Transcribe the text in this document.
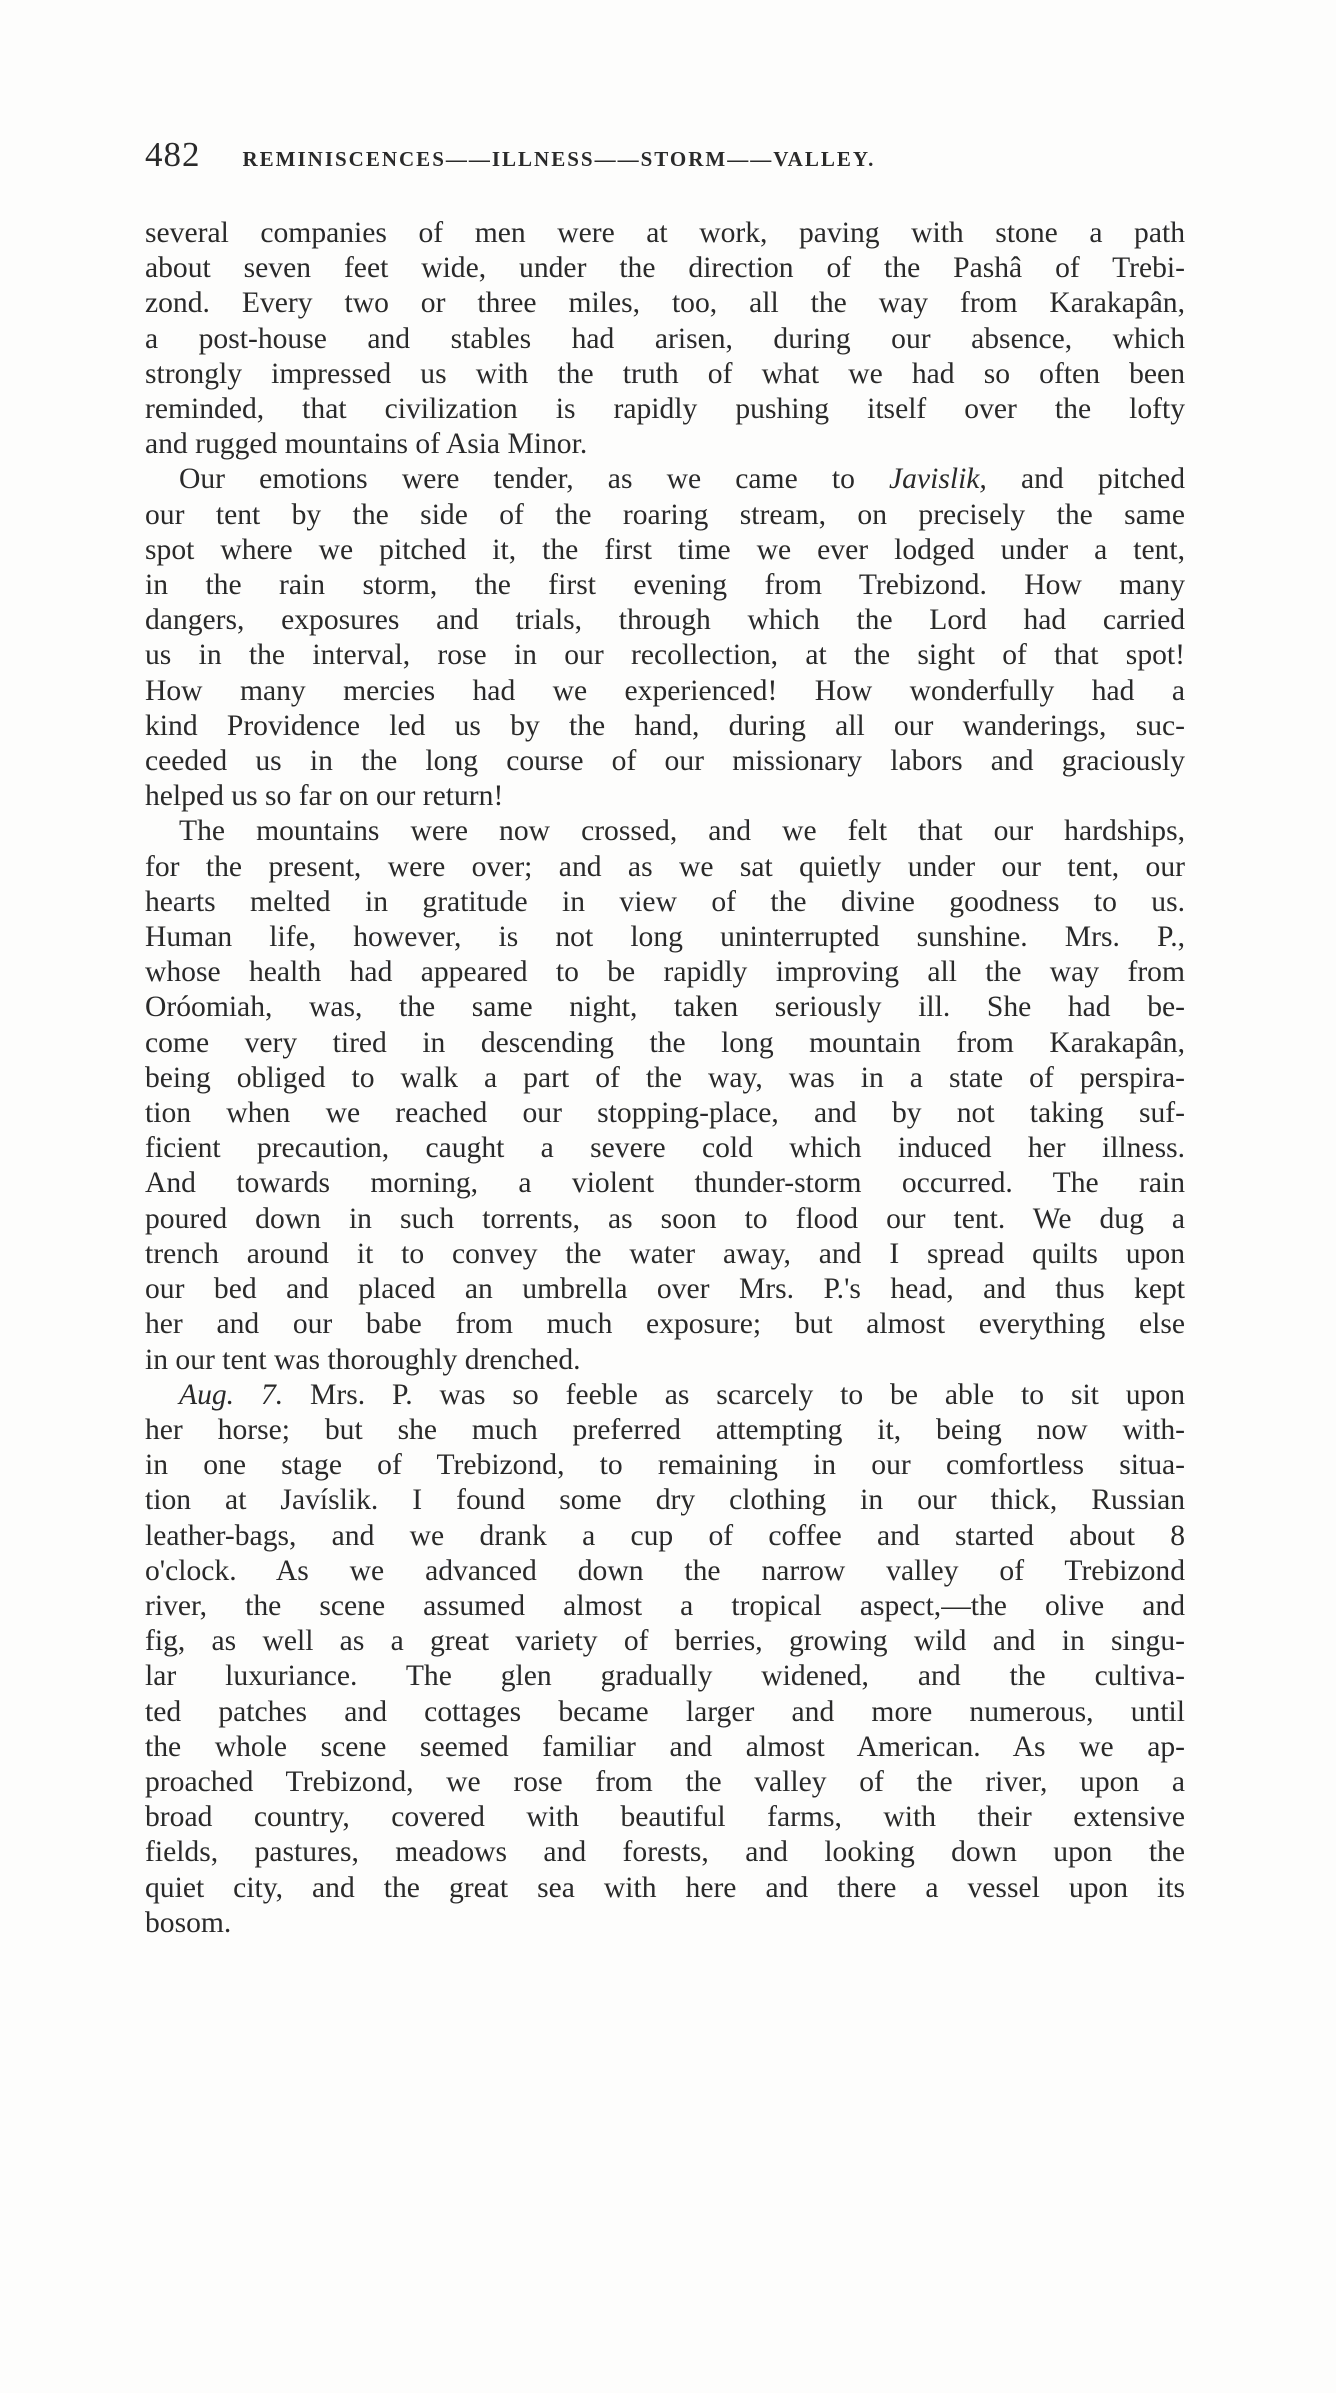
482 REMINISCENCES——ILLNESS——STORM——VALLEY.
several companies of men were at work, paving with stone a path
about seven feet wide, under the direction of the Pashâ of Trebi-
zond. Every two or three miles, too, all the way from Karakapân,
a post-house and stables had arisen, during our absence, which
strongly impressed us with the truth of what we had so often been
reminded, that civilization is rapidly pushing itself over the lofty
and rugged mountains of Asia Minor.
Our emotions were tender, as we came to Javislik, and pitched
our tent by the side of the roaring stream, on precisely the same
spot where we pitched it, the first time we ever lodged under a tent,
in the rain storm, the first evening from Trebizond. How many
dangers, exposures and trials, through which the Lord had carried
us in the interval, rose in our recollection, at the sight of that spot!
How many mercies had we experienced! How wonderfully had a
kind Providence led us by the hand, during all our wanderings, suc-
ceeded us in the long course of our missionary labors and graciously
helped us so far on our return!
The mountains were now crossed, and we felt that our hardships,
for the present, were over; and as we sat quietly under our tent, our
hearts melted in gratitude in view of the divine goodness to us.
Human life, however, is not long uninterrupted sunshine. Mrs. P.,
whose health had appeared to be rapidly improving all the way from
Oróomiah, was, the same night, taken seriously ill. She had be-
come very tired in descending the long mountain from Karakapân,
being obliged to walk a part of the way, was in a state of perspira-
tion when we reached our stopping-place, and by not taking suf-
ficient precaution, caught a severe cold which induced her illness.
And towards morning, a violent thunder-storm occurred. The rain
poured down in such torrents, as soon to flood our tent. We dug a
trench around it to convey the water away, and I spread quilts upon
our bed and placed an umbrella over Mrs. P.'s head, and thus kept
her and our babe from much exposure; but almost everything else
in our tent was thoroughly drenched.
Aug. 7. Mrs. P. was so feeble as scarcely to be able to sit upon
her horse; but she much preferred attempting it, being now with-
in one stage of Trebizond, to remaining in our comfortless situa-
tion at Javíslik. I found some dry clothing in our thick, Russian
leather-bags, and we drank a cup of coffee and started about 8
o'clock. As we advanced down the narrow valley of Trebizond
river, the scene assumed almost a tropical aspect,—the olive and
fig, as well as a great variety of berries, growing wild and in singu-
lar luxuriance. The glen gradually widened, and the cultiva-
ted patches and cottages became larger and more numerous, until
the whole scene seemed familiar and almost American. As we ap-
proached Trebizond, we rose from the valley of the river, upon a
broad country, covered with beautiful farms, with their extensive
fields, pastures, meadows and forests, and looking down upon the
quiet city, and the great sea with here and there a vessel upon its
bosom.
